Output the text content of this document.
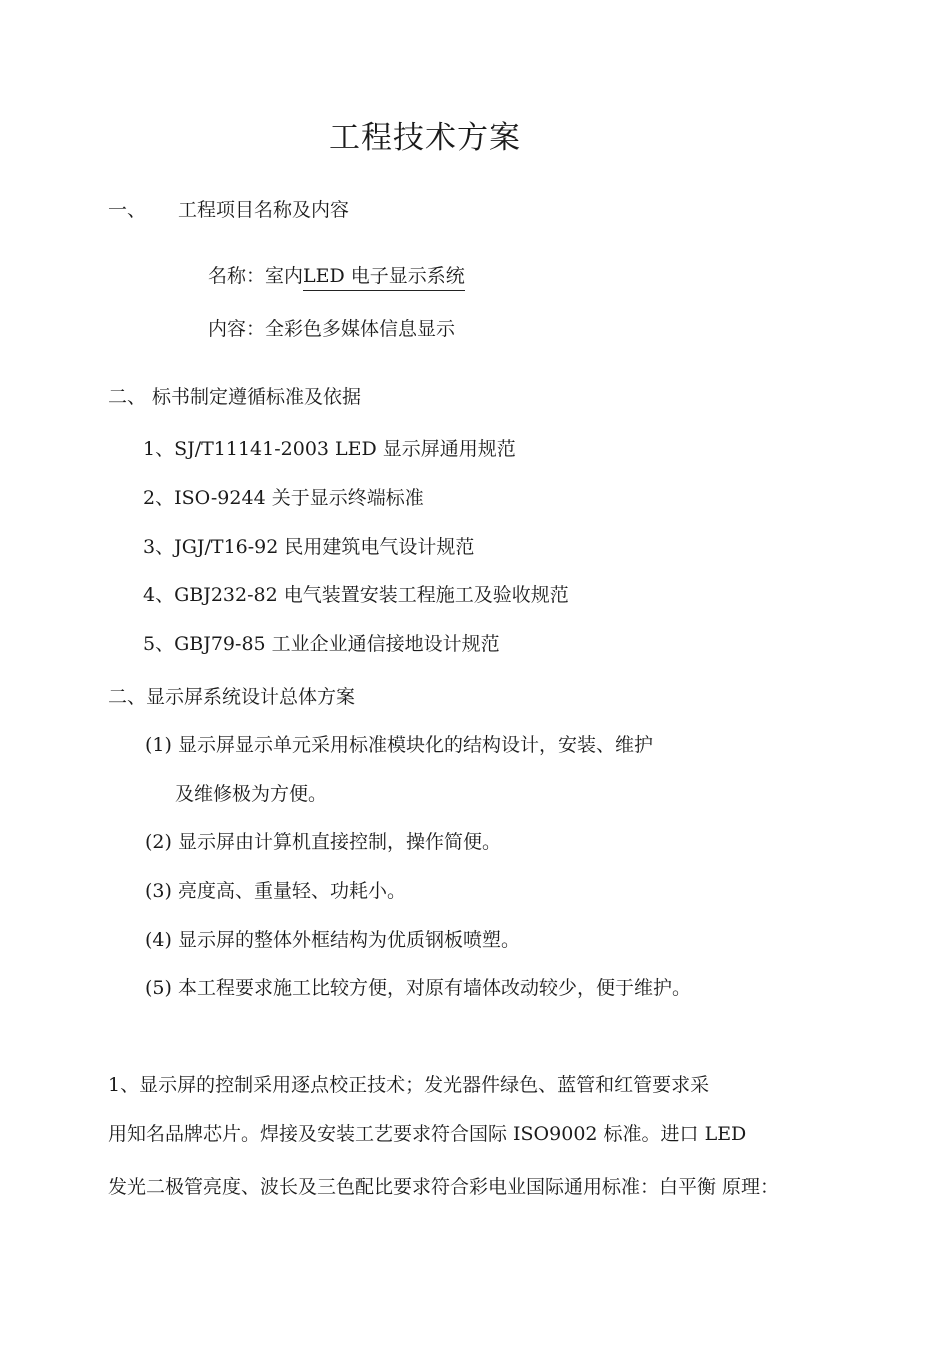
工程技术方案
一、 工程项目名称及内容
名称：室内LED 电子显示系统
内容：全彩色多媒体信息显示
二、 标书制定遵循标准及依据
1、SJ/T11141-2003 LED 显示屏通用规范
2、ISO-9244 关于显示终端标准
3、JGJ/T16-92 民用建筑电气设计规范
4、GBJ232-82 电气装置安装工程施工及验收规范
5、GBJ79-85 工业企业通信接地设计规范
二、显示屏系统设计总体方案
(1) 显示屏显示单元采用标准模块化的结构设计，安装、维护
及维修极为方便。
(2) 显示屏由计算机直接控制，操作简便。
(3) 亮度高、重量轻、功耗小。
(4) 显示屏的整体外框结构为优质钢板喷塑。
(5) 本工程要求施工比较方便，对原有墙体改动较少，便于维护。
1、显示屏的控制采用逐点校正技术；发光器件绿色、蓝管和红管要求采
用知名品牌芯片。焊接及安装工艺要求符合国际 ISO9002 标准。进口 LED
发光二极管亮度、波长及三色配比要求符合彩电业国际通用标准：白平衡 原理：
